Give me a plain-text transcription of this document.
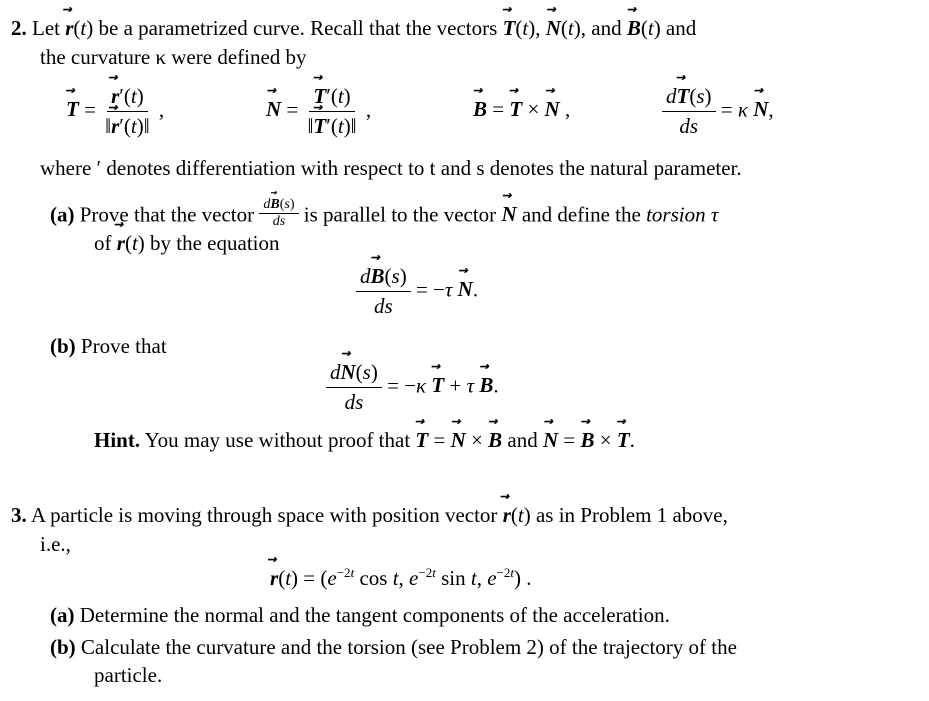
2. Let r ⃗(t) be a parametrized curve. Recall that the vectors T ⃗(t), N ⃗(t), and B ⃗(t) and
the curvature κ were defined by
T ⃗ = $\frac{r ⃗'(t)}{‖r ⃗'(t)‖}$ ,	N ⃗ = $\frac{T ⃗'(t)}{‖T ⃗'(t)‖}$ ,	B ⃗ = T ⃗ × N ⃗ ,	$\frac{dT ⃗(s)}{ds} = \kappa$ N ⃗,
where ′ denotes differentiation with respect to t and s denotes the natural parameter.
(a) Prove that the vector $\frac{dB ⃗(s)}{ds}$ is parallel to the vector N ⃗ and define the torsion τ
of r ⃗(t) by the equation
$\frac{dB ⃗(s)}{ds} = -\tau$ N ⃗.
(b) Prove that
$\frac{dN ⃗(s)}{ds} = -\kappa$ T ⃗ + τ B ⃗.
Hint. You may use without proof that T ⃗ = N ⃗ × B ⃗ and N ⃗ = B ⃗ × T ⃗.
3. A particle is moving through space with position vector r ⃗(t) as in Problem 1 above,
i.e.,
r ⃗(t) = ($e^{-2t}$ cos t, $e^{-2t}$ sin t, $e^{-2t}$) .
(a) Determine the normal and the tangent components of the acceleration.
(b) Calculate the curvature and the torsion (see Problem 2) of the trajectory of the
particle.
